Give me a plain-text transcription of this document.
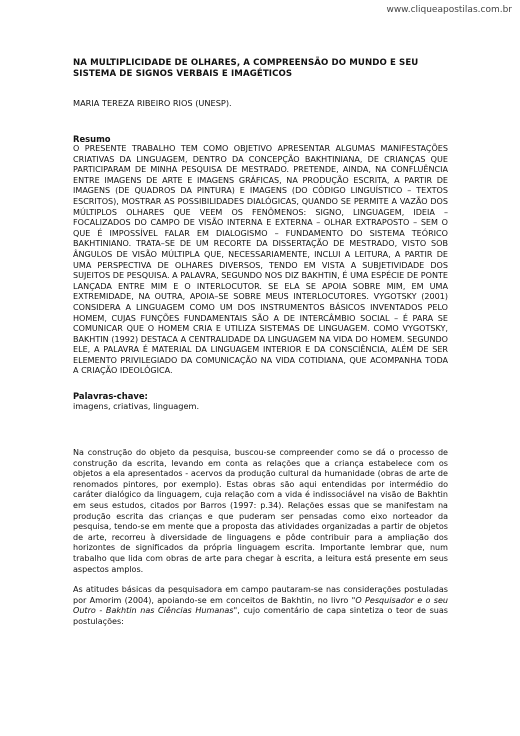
www.cliqueapostilas.com.br
NA MULTIPLICIDADE DE OLHARES, A COMPREENSÃO DO MUNDO E SEU SISTEMA DE SIGNOS VERBAIS E IMAGÉTICOS
MARIA TEREZA RIBEIRO RIOS (UNESP).
Resumo

O PRESENTE TRABALHO TEM COMO OBJETIVO APRESENTAR ALGUMAS MANIFESTAÇÕES CRIATIVAS DA LINGUAGEM, DENTRO DA CONCEPÇÃO BAKHTINIANA, DE CRIANÇAS QUE PARTICIPARAM DE MINHA PESQUISA DE MESTRADO. PRETENDE, AINDA, NA CONFLUÊNCIA ENTRE IMAGENS DE ARTE E IMAGENS GRÁFICAS, NA PRODUÇÃO ESCRITA, A PARTIR DE IMAGENS (DE QUADROS DA PINTURA) E IMAGENS (DO CÓDIGO LINGUÍSTICO – TEXTOS ESCRITOS), MOSTRAR AS POSSIBILIDADES DIALÓGICAS, QUANDO SE PERMITE A VAZÃO DOS MÚLTIPLOS OLHARES QUE VEEM OS FENÔMENOS: SIGNO, LINGUAGEM, IDEIA – FOCALIZADOS DO CAMPO DE VISÃO INTERNA E EXTERNA – OLHAR EXTRAPOSTO – SEM O QUE É IMPOSSÍVEL FALAR EM DIALOGISMO – FUNDAMENTO DO SISTEMA TEÓRICO BAKHTINIANO. TRATA–SE DE UM RECORTE DA DISSERTAÇÃO DE MESTRADO, VISTO SOB ÂNGULOS DE VISÃO MÚLTIPLA QUE, NECESSARIAMENTE, INCLUI A LEITURA, A PARTIR DE UMA PERSPECTIVA DE OLHARES DIVERSOS, TENDO EM VISTA A SUBJETIVIDADE DOS SUJEITOS DE PESQUISA. A PALAVRA, SEGUNDO NOS DIZ BAKHTIN, É UMA ESPÉCIE DE PONTE LANÇADA ENTRE MIM E O INTERLOCUTOR. SE ELA SE APOIA SOBRE MIM, EM UMA EXTREMIDADE, NA OUTRA, APOIA–SE SOBRE MEUS INTERLOCUTORES. VYGOTSKY (2001) CONSIDERA A LINGUAGEM COMO UM DOS INSTRUMENTOS BÁSICOS INVENTADOS PELO HOMEM, CUJAS FUNÇÕES FUNDAMENTAIS SÃO A DE INTERCÂMBIO SOCIAL – É PARA SE COMUNICAR QUE O HOMEM CRIA E UTILIZA SISTEMAS DE LINGUAGEM. COMO VYGOTSKY, BAKHTIN (1992) DESTACA A CENTRALIDADE DA LINGUAGEM NA VIDA DO HOMEM. SEGUNDO ELE, A PALAVRA É MATERIAL DA LINGUAGEM INTERIOR E DA CONSCIÊNCIA, ALÉM DE SER ELEMENTO PRIVILEGIADO DA COMUNICAÇÃO NA VIDA COTIDIANA, QUE ACOMPANHA TODA A CRIAÇÃO IDEOLÓGICA.

Palavras-chave:
imagens, criativas, linguagem.

Na construção do objeto da pesquisa, buscou-se compreender como se dá o processo de construção da escrita, levando em conta as relações que a criança estabelece com os objetos a ela apresentados - acervos da produção cultural da humanidade (obras de arte de renomados pintores, por exemplo). Estas obras são aqui entendidas por intermédio do caráter dialógico da linguagem, cuja relação com a vida é indissociável na visão de Bakhtin em seus estudos, citados por Barros (1997: p.34). Relações essas que se manifestam na produção escrita das crianças e que puderam ser pensadas como eixo norteador da pesquisa, tendo-se em mente que a proposta das atividades organizadas a partir de objetos de arte, recorreu à diversidade de linguagens e pôde contribuir para a ampliação dos horizontes de significados da própria linguagem escrita. Importante lembrar que, num trabalho que lida com obras de arte para chegar à escrita, a leitura está presente em seus aspectos amplos.

As atitudes básicas da pesquisadora em campo pautaram-se nas considerações postuladas por Amorim (2004), apoiando-se em conceitos de Bakhtin, no livro "O Pesquisador e o seu Outro - Bakhtin nas Ciências Humanas", cujo comentário de capa sintetiza o teor de suas postulações:
